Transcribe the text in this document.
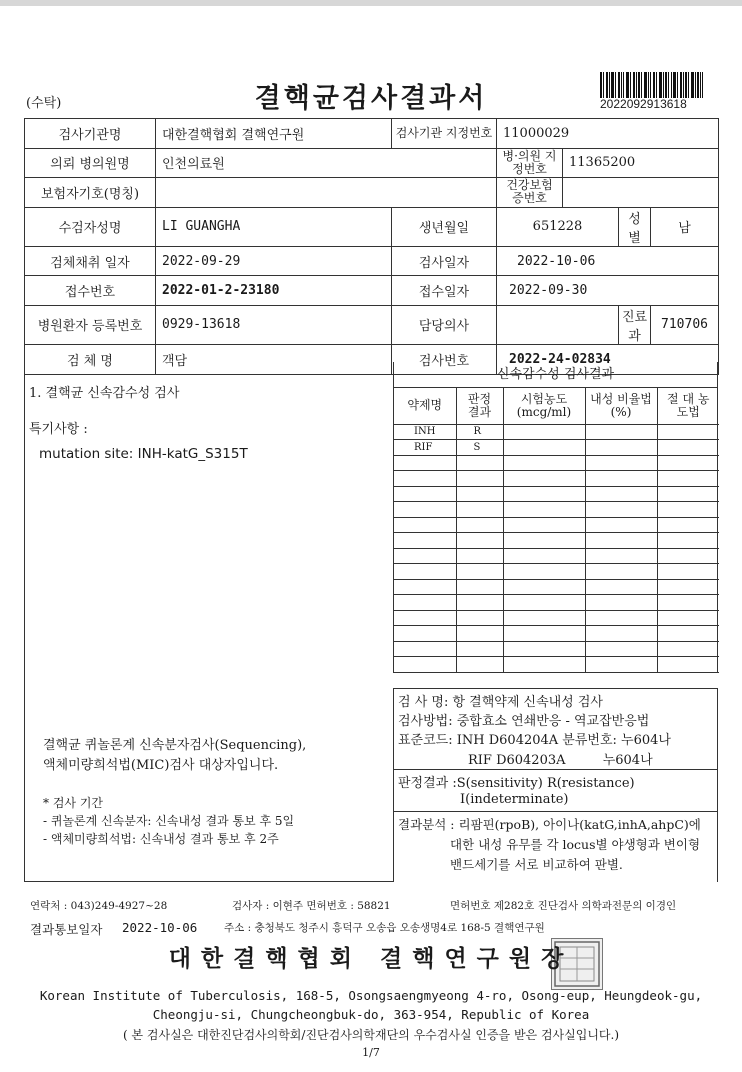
(수탁)	결핵균검사결과서	2022092913618
검사기관명	대한결핵협회 결핵연구원	검사기관 지정번호	11000029			
의뢰 병의원명	인천의료원		병·의원 지정번호	11365200		
보험자기호(명칭)			건강보험 증번호			
수검자성명	LI GUANGHA	생년월일	651228		성별	남
검체채취 일자	2022-09-29	검사일자	2022-10-06			
접수번호	2022-01-2-23180	접수일자	2022-09-30			
병원환자 등록번호	0929-13618	담당의사			진료과	710706
검 체 명	객담	검사번호	2022-24-02834			
1. 결핵균 신속감수성 검사
특기사항 :
mutation site: INH-katG_S315T
결핵균 퀴놀론계 신속분자검사(Sequencing),
액체미량희석법(MIC)검사 대상자입니다.
* 검사 기간
- 퀴놀론계 신속분자: 신속내성 결과 통보 후 5일
- 액체미량희석법: 신속내성 결과 통보 후 2주
신속감수성 검사결과
약제명	판정 결과	시험농도 (mcg/ml)	내성 비율법(%)	절 대 농도법
INH	R			
RIF	S			

검 사 명: 항 결핵약제 신속내성 검사
검사방법: 중합효소 연쇄반응 - 역교잡반응법
표준코드: INH D604204A 분류번호: 누604나
RIF D604203A         누604나
판정결과 :S(sensitivity) R(resistance)
I(indeterminate)
결과분석 : 리팜핀(rpoB), 아이나(katG,inhA,ahpC)에
대한 내성 유무를 각 locus별 야생형과 변이형
밴드세기를 서로 비교하여 판별.
연락처 : 043)249-4927~28	검사자 : 이현주 면허번호 : 58821	면허번호 제282호 진단검사 의학과전문의 이경인
결과통보일자 2022-10-06	주소 : 충청북도 청주시 흥덕구 오송읍 오송생명4로 168-5 결핵연구원
대한결핵협회 결핵연구원장
Korean Institute of Tuberculosis, 168-5, Osongsaengmyeong 4-ro, Osong-eup, Heungdeok-gu,
Cheongju-si, Chungcheongbuk-do, 363-954, Republic of Korea
( 본 검사실은 대한진단검사의학회/진단검사의학재단의 우수검사실 인증을 받은 검사실입니다.)
1/7
